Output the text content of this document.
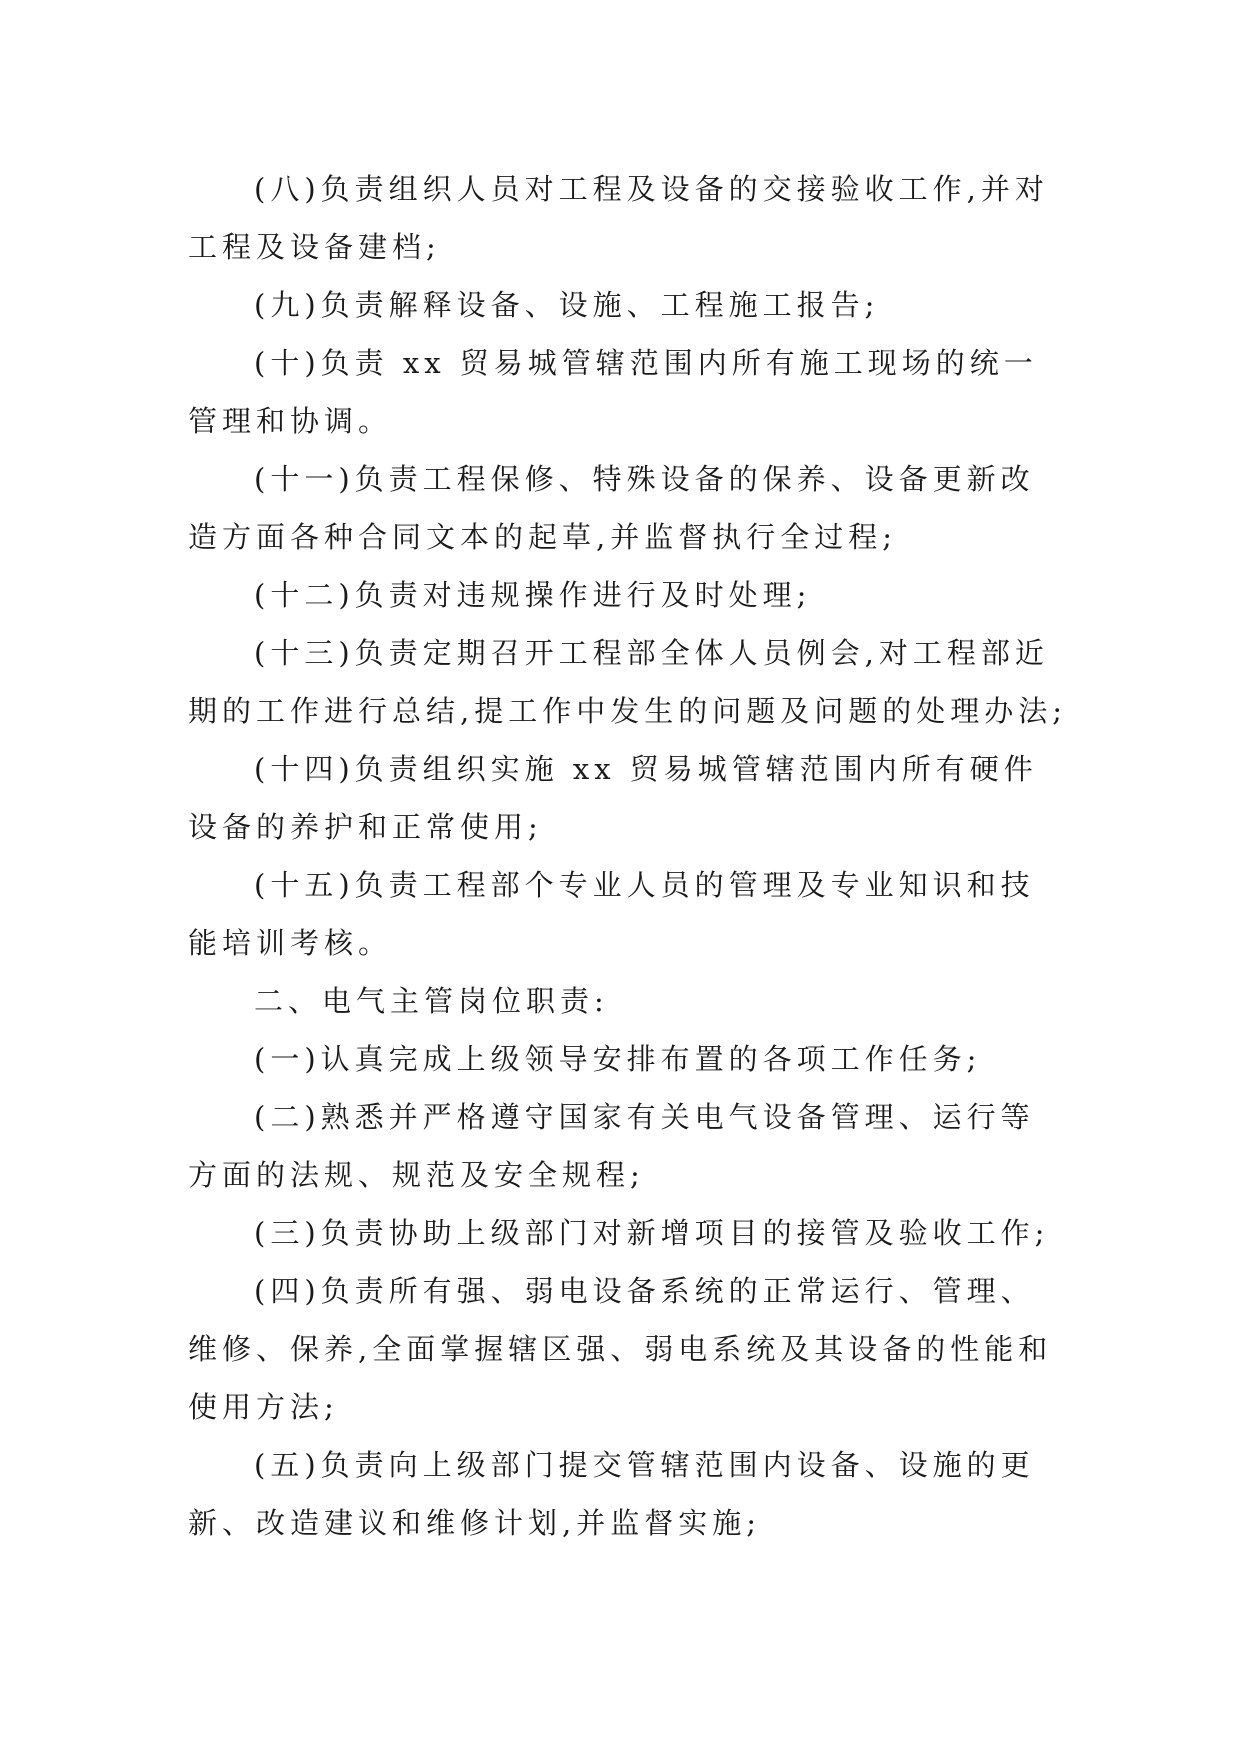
(八)负责组织人员对工程及设备的交接验收工作,并对工程及设备建档;

(九)负责解释设备、设施、工程施工报告;

(十)负责 xx 贸易城管辖范围内所有施工现场的统一管理和协调。

(十一)负责工程保修、特殊设备的保养、设备更新改造方面各种合同文本的起草,并监督执行全过程;

(十二)负责对违规操作进行及时处理;

(十三)负责定期召开工程部全体人员例会,对工程部近期的工作进行总结,提工作中发生的问题及问题的处理办法;

(十四)负责组织实施 xx 贸易城管辖范围内所有硬件设备的养护和正常使用;

(十五)负责工程部个专业人员的管理及专业知识和技能培训考核。

二、电气主管岗位职责:

(一)认真完成上级领导安排布置的各项工作任务;

(二)熟悉并严格遵守国家有关电气设备管理、运行等方面的法规、规范及安全规程;

(三)负责协助上级部门对新增项目的接管及验收工作;

(四)负责所有强、弱电设备系统的正常运行、管理、维修、保养,全面掌握辖区强、弱电系统及其设备的性能和使用方法;

(五)负责向上级部门提交管辖范围内设备、设施的更新、改造建议和维修计划,并监督实施;
